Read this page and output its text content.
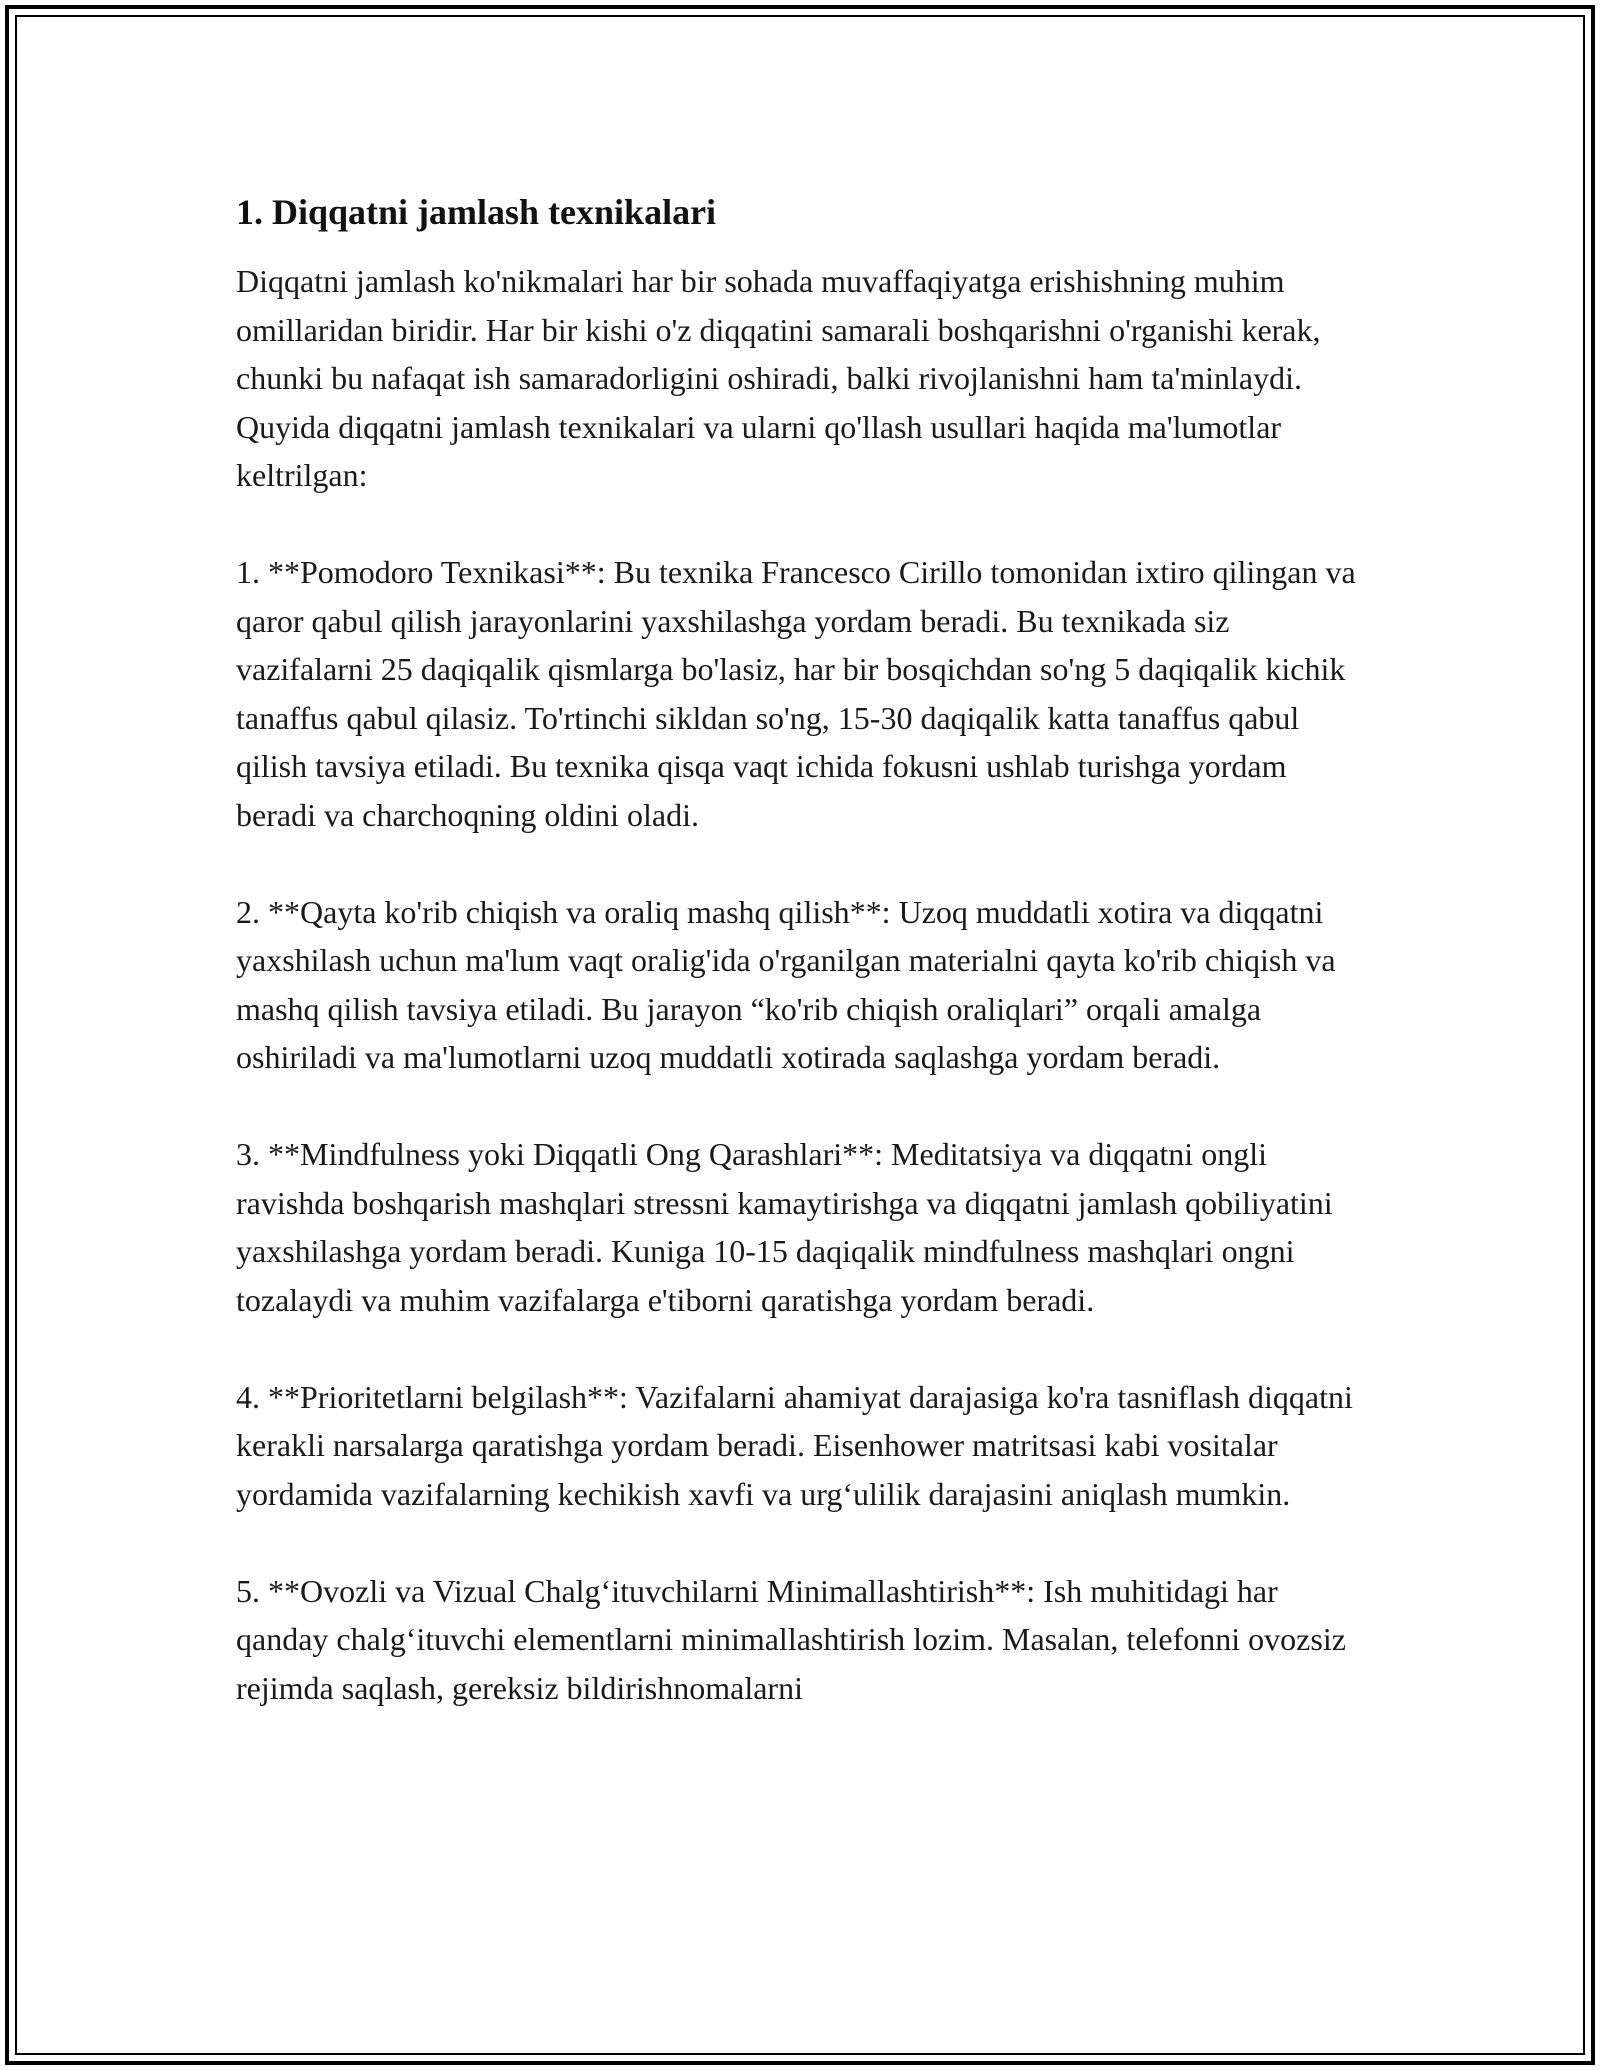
1. Diqqatni jamlash texnikalari

Diqqatni jamlash ko'nikmalari har bir sohada muvaffaqiyatga erishishning muhim omillaridan biridir. Har bir kishi o'z diqqatini samarali boshqarishni o'rganishi kerak, chunki bu nafaqat ish samaradorligini oshiradi, balki rivojlanishni ham ta'minlaydi. Quyida diqqatni jamlash texnikalari va ularni qo'llash usullari haqida ma'lumotlar keltrilgan:

1. **Pomodoro Texnikasi**: Bu texnika Francesco Cirillo tomonidan ixtiro qilingan va qaror qabul qilish jarayonlarini yaxshilashga yordam beradi. Bu texnikada siz vazifalarni 25 daqiqalik qismlarga bo'lasiz, har bir bosqichdan so'ng 5 daqiqalik kichik tanaffus qabul qilasiz. To'rtinchi sikldan so'ng, 15-30 daqiqalik katta tanaffus qabul qilish tavsiya etiladi. Bu texnika qisqa vaqt ichida fokusni ushlab turishga yordam beradi va charchoqning oldini oladi.

2. **Qayta ko'rib chiqish va oraliq mashq qilish**: Uzoq muddatli xotira va diqqatni yaxshilash uchun ma'lum vaqt oralig'ida o'rganilgan materialni qayta ko'rib chiqish va mashq qilish tavsiya etiladi. Bu jarayon “ko'rib chiqish oraliqlari” orqali amalga oshiriladi va ma'lumotlarni uzoq muddatli xotirada saqlashga yordam beradi.

3. **Mindfulness yoki Diqqatli Ong Qarashlari**: Meditatsiya va diqqatni ongli ravishda boshqarish mashqlari stressni kamaytirishga va diqqatni jamlash qobiliyatini yaxshilashga yordam beradi. Kuniga 10-15 daqiqalik mindfulness mashqlari ongni tozalaydi va muhim vazifalarga e'tiborni qaratishga yordam beradi.

4. **Prioritetlarni belgilash**: Vazifalarni ahamiyat darajasiga ko'ra tasniflash diqqatni kerakli narsalarga qaratishga yordam beradi. Eisenhower matritsasi kabi vositalar yordamida vazifalarning kechikish xavfi va urg‘ulilik darajasini aniqlash mumkin.

5. **Ovozli va Vizual Chalg‘ituvchilarni Minimallashtirish**: Ish muhitidagi har qanday chalg‘ituvchi elementlarni minimallashtirish lozim. Masalan, telefonni ovozsiz rejimda saqlash, gereksiz bildirishnomalarni
